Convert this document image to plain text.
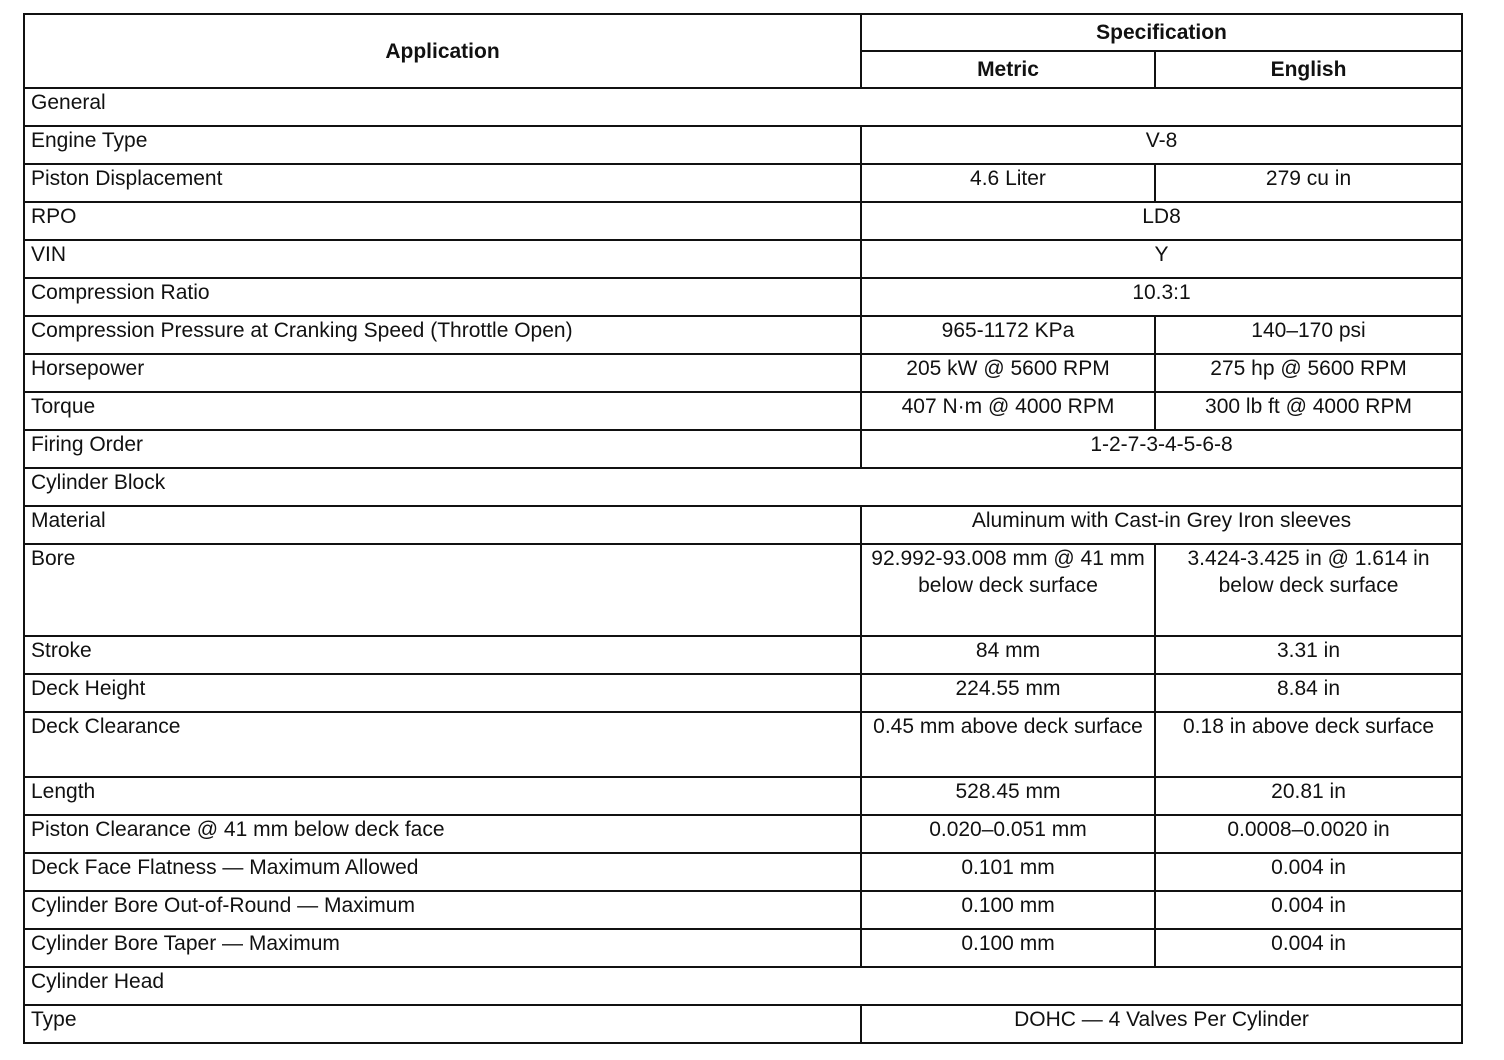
Application	Specification	
	Metric	English
General		
Engine Type	V-8	
Piston Displacement	4.6 Liter	279 cu in
RPO	LD8	
VIN	Y	
Compression Ratio	10.3:1	
Compression Pressure at Cranking Speed (Throttle Open)	965-1172 KPa	140–170 psi
Horsepower	205 kW @ 5600 RPM	275 hp @ 5600 RPM
Torque	407 N·m @ 4000 RPM	300 lb ft @ 4000 RPM
Firing Order	1-2-7-3-4-5-6-8	
Cylinder Block		
Material	Aluminum with Cast-in Grey Iron sleeves	
Bore	92.992-93.008 mm @ 41 mm below deck surface	3.424-3.425 in @ 1.614 in below deck surface
Stroke	84 mm	3.31 in
Deck Height	224.55 mm	8.84 in
Deck Clearance	0.45 mm above deck surface	0.18 in above deck surface
Length	528.45 mm	20.81 in
Piston Clearance @ 41 mm below deck face	0.020–0.051 mm	0.0008–0.0020 in
Deck Face Flatness — Maximum Allowed	0.101 mm	0.004 in
Cylinder Bore Out-of-Round — Maximum	0.100 mm	0.004 in
Cylinder Bore Taper — Maximum	0.100 mm	0.004 in
Cylinder Head		
Type	DOHC — 4 Valves Per Cylinder	
